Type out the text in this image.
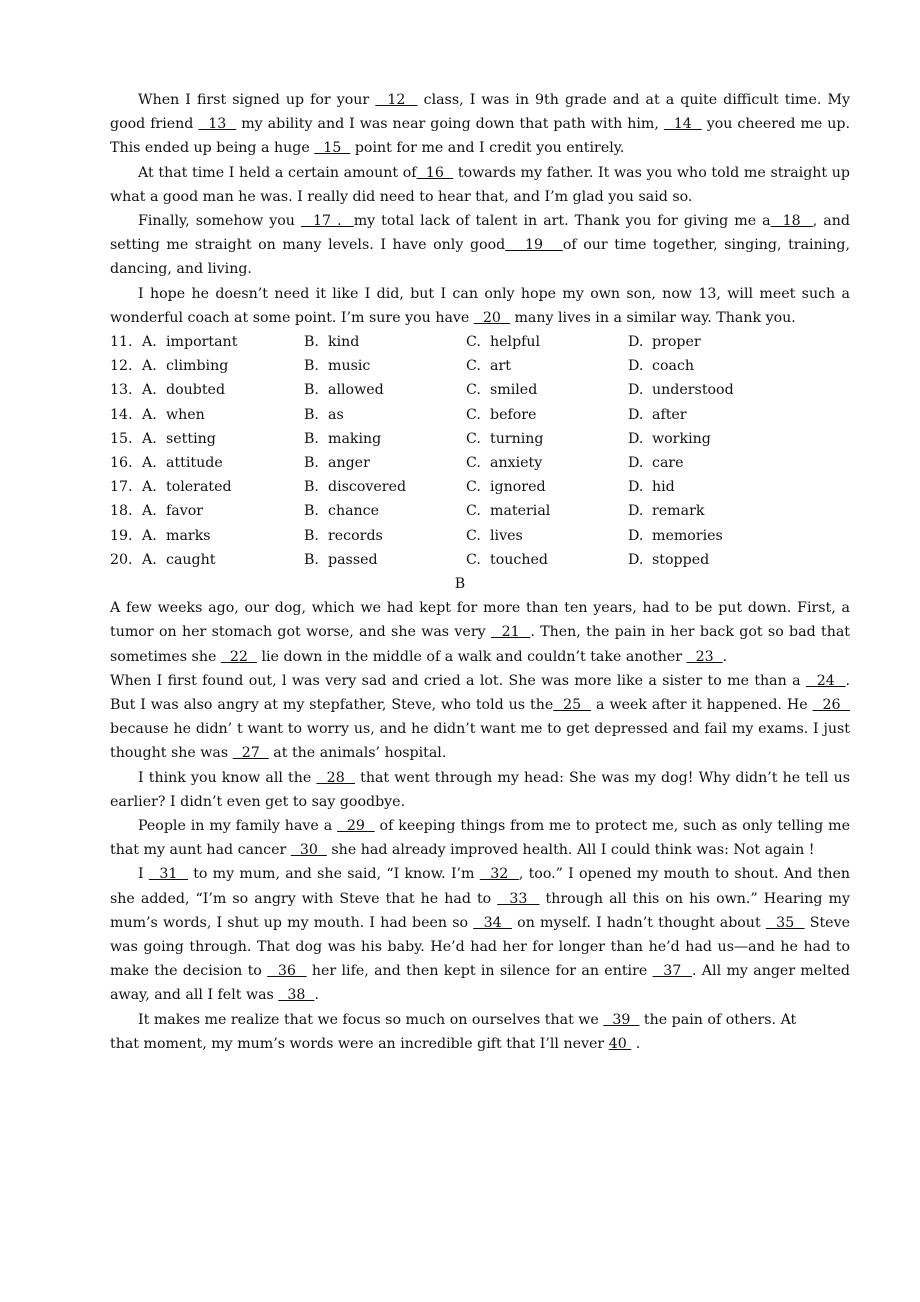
When I first signed up for your   12   class, I was in 9th grade and at a quite difficult time. My good friend   13   my ability and I was near going down that path with him,   14   you cheered me up. This ended up being a huge   15   point for me and I credit you entirely.

At that time I held a certain amount of  16   towards my father. It was you who told me straight up what a good man he was. I really did need to hear that, and I’m glad you said so.

Finally, somehow you   17 .  my total lack of talent in art. Thank you for giving me a  18  , and setting me straight on many levels. I have only good   19   of our time together, singing, training, dancing, and living.

I hope he doesn’t need it like I did, but I can only hope my own son, now 13, will meet such a wonderful coach at some point. I’m sure you have   20   many lives in a similar way. Thank you.

11. A. important	B. kind	C. helpful	D. proper
12. A. climbing	B. music	C. art	D. coach
13. A. doubted	B. allowed	C. smiled	D. understood
14. A. when	B. as	C. before	D. after
15. A. setting	B. making	C. turning	D. working
16. A. attitude	B. anger	C. anxiety	D. care
17. A. tolerated	B. discovered	C. ignored	D. hid
18. A. favor	B. chance	C. material	D. remark
19. A. marks	B. records	C. lives	D. memories
20. A. caught	B. passed	C. touched	D. stopped
B

A few weeks ago, our dog, which we had kept for more than ten years, had to be put down. First, a tumor on her stomach got worse, and she was very   21  . Then, the pain in her back got so bad that sometimes she   22   lie down in the middle of a walk and couldn’t take another   23  .

When I first found out, l was very sad and cried a lot. She was more like a sister to me than a   24  . But I was also angry at my stepfather, Steve, who told us the  25   a week after it happened. He   26   because he didn’ t want to worry us, and he didn’t want me to get depressed and fail my exams. I just thought she was   27   at the animals’ hospital.

I think you know all the   28   that went through my head: She was my dog! Why didn’t he tell us earlier? I didn’t even get to say goodbye.

People in my family have a   29   of keeping things from me to protect me, such as only telling me that my aunt had cancer   30   she had already improved health. All I could think was: Not again !

I   31   to my mum, and she said, “I know. I’m   32  , too.” I opened my mouth to shout. And then she added, “I’m so angry with Steve that he had to   33   through all this on his own.” Hearing my mum’s words, I shut up my mouth. I had been so   34   on myself. I hadn’t thought about   35   Steve was going through. That dog was his baby. He’d had her for longer than he’d had us—and he had to make the decision to   36   her life, and then kept in silence for an entire   37  . All my anger melted away, and all I felt was   38  .

It makes me realize that we focus so much on ourselves that we   39   the pain of others. At

that moment, my mum’s words were an incredible gift that I’ll never 40  .
